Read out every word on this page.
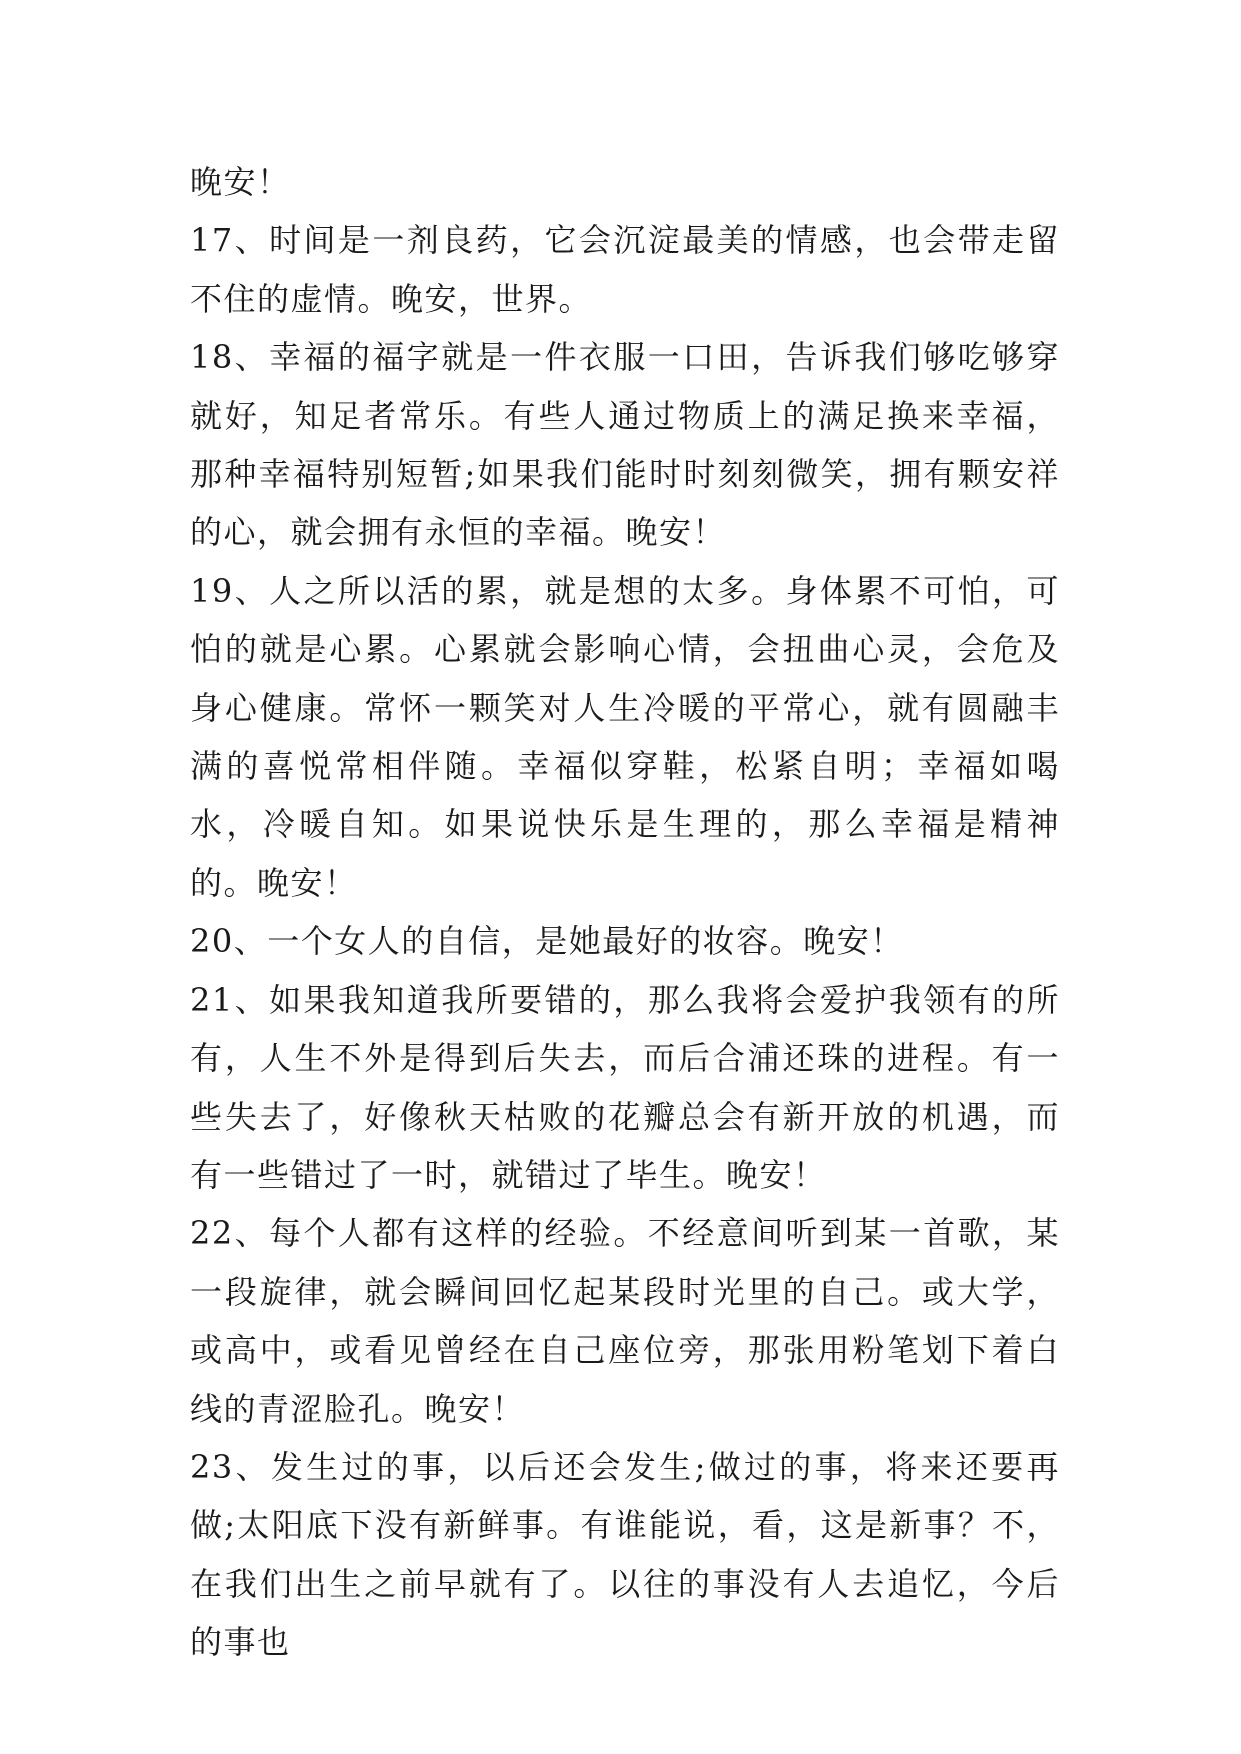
晚安！

17、时间是一剂良药，它会沉淀最美的情感，也会带走留不住的虚情。晚安，世界。

18、幸福的福字就是一件衣服一口田，告诉我们够吃够穿就好，知足者常乐。有些人通过物质上的满足换来幸福，那种幸福特别短暂;如果我们能时时刻刻微笑，拥有颗安祥的心，就会拥有永恒的幸福。晚安！

19、人之所以活的累，就是想的太多。身体累不可怕，可怕的就是心累。心累就会影响心情，会扭曲心灵，会危及身心健康。常怀一颗笑对人生冷暖的平常心，就有圆融丰满的喜悦常相伴随。幸福似穿鞋，松紧自明；幸福如喝水，冷暖自知。如果说快乐是生理的，那么幸福是精神的。晚安！

20、一个女人的自信，是她最好的妆容。晚安！

21、如果我知道我所要错的，那么我将会爱护我领有的所有，人生不外是得到后失去，而后合浦还珠的进程。有一些失去了，好像秋天枯败的花瓣总会有新开放的机遇，而有一些错过了一时，就错过了毕生。晚安！

22、每个人都有这样的经验。不经意间听到某一首歌，某一段旋律，就会瞬间回忆起某段时光里的自己。或大学，或高中，或看见曾经在自己座位旁，那张用粉笔划下着白线的青涩脸孔。晚安！

23、发生过的事，以后还会发生;做过的事，将来还要再做;太阳底下没有新鲜事。有谁能说，看，这是新事？不，在我们出生之前早就有了。以往的事没有人去追忆，今后的事也
